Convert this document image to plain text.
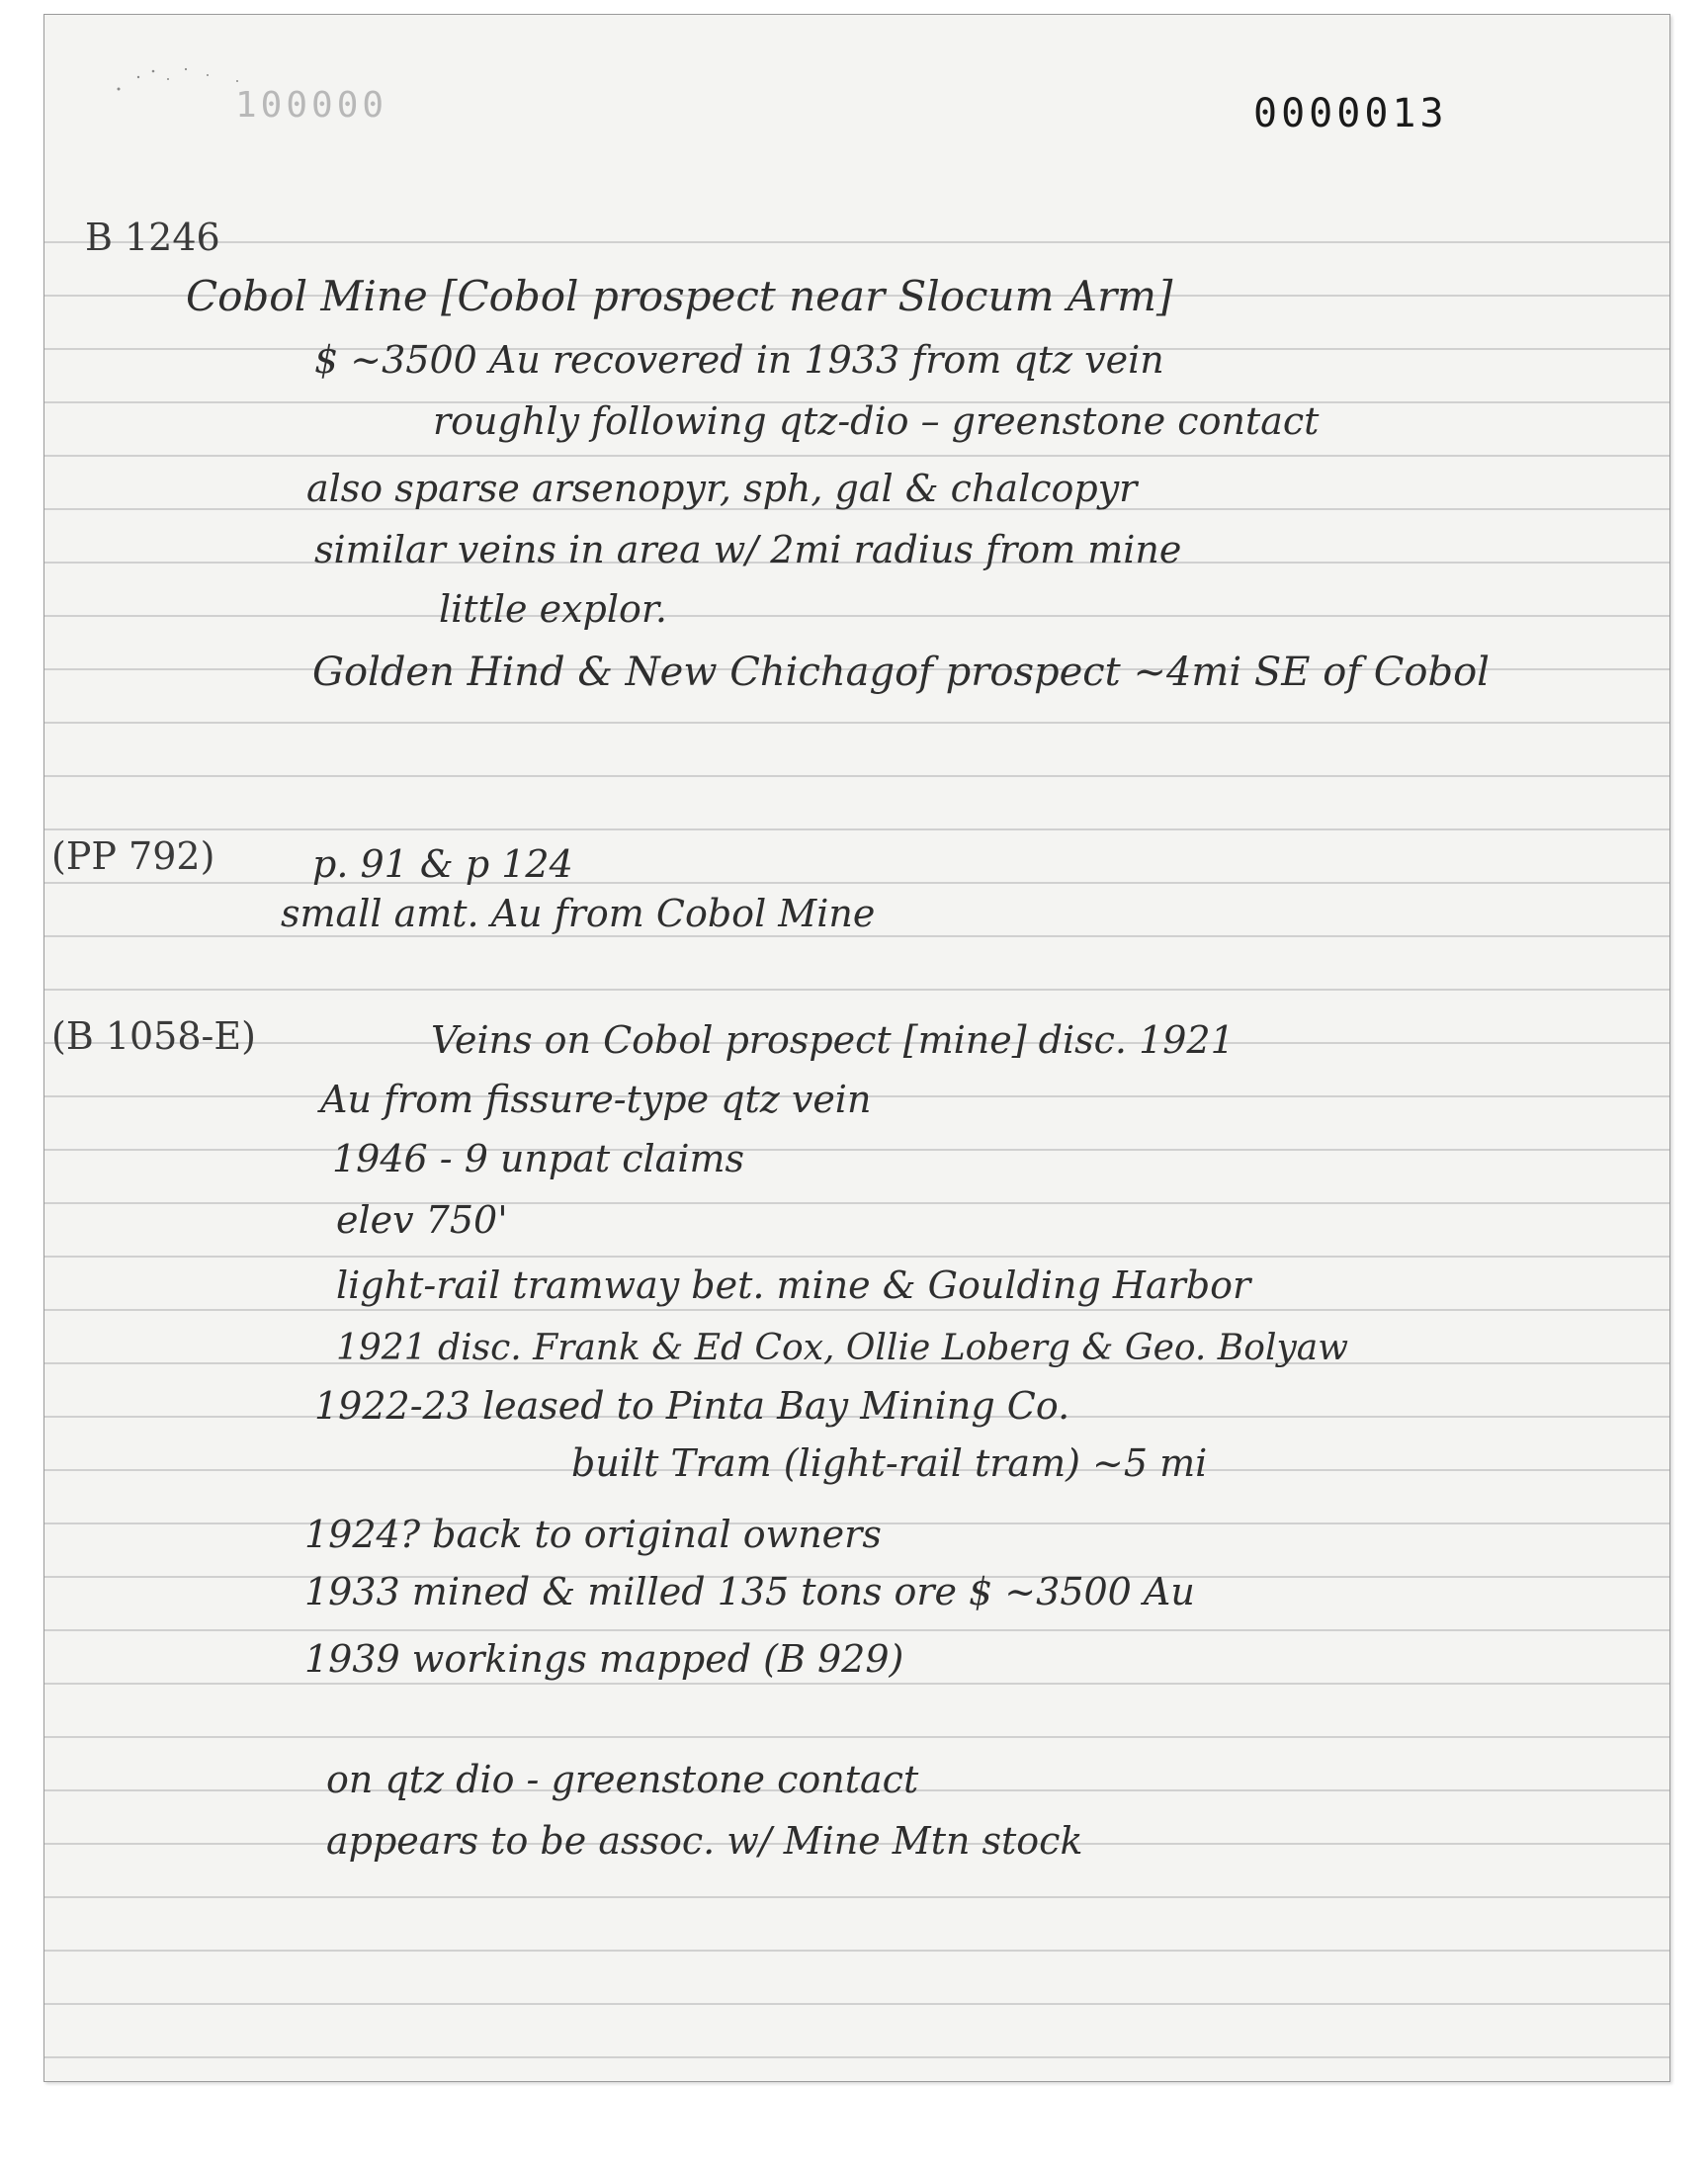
100000	0000013
B 1246
Cobol Mine [Cobol prospect near Slocum Arm]
$ ~3500 Au recovered in 1933 from qtz vein
roughly following qtz-dio – greenstone contact
also sparse arsenopyr, sph, gal & chalcopyr
similar veins in area w/ 2mi radius from mine
little explor.
Golden Hind & New Chichagof prospect ~4mi SE of Cobol
(PP 792)	p. 91 & p 124
small amt. Au from Cobol Mine
(B 1058-E)	Veins on Cobol prospect [mine] disc. 1921
Au from fissure-type qtz vein
1946 - 9 unpat claims
elev 750'
light-rail tramway bet. mine & Goulding Harbor
1921 disc. Frank & Ed Cox, Ollie Loberg & Geo. Bolyaw
1922-23 leased to Pinta Bay Mining Co.
built Tram (light-rail tram) ~5 mi
1924? back to original owners
1933 mined & milled 135 tons ore $ ~3500 Au
1939 workings mapped (B 929)
on qtz dio - greenstone contact
appears to be assoc. w/ Mine Mtn stock
